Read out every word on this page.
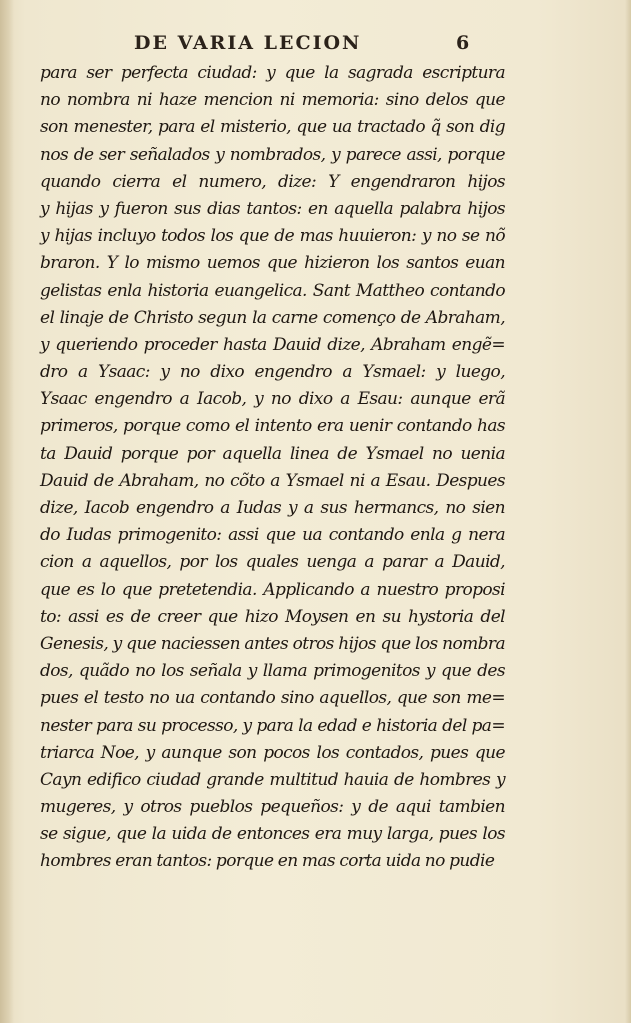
DE VARIA LECION	6
para ser perfecta ciudad: y que la sagrada escriptura
no nombra ni haze mencion ni memoria: sino delos que
son menester, para el misterio, que ua tractado q̃ son dig
nos de ser señalados y nombrados, y parece assi, porque
quando cierra el numero, dize: Y engendraron hijos
y hijas y fueron sus dias tantos: en aquella palabra hijos
y hijas incluyo todos los que de mas huuieron: y no se nõ
braron. Y lo mismo uemos que hizieron los santos euan
gelistas enla historia euangelica. Sant Mattheo contando
el linaje de Christo segun la carne començo de Abraham,
y queriendo proceder hasta Dauid dize, Abraham engẽ=
dro a Ysaac: y no dixo engendro a Ysmael: y luego,
Ysaac engendro a Iacob, y no dixo a Esau: aunque erã
primeros, porque como el intento era uenir contando has
ta Dauid porque por aquella linea de Ysmael no uenia
Dauid de Abraham, no cõto a Ysmael ni a Esau. Despues
dize, Iacob engendro a Iudas y a sus hermancs, no sien
do Iudas primogenito: assi que ua contando enla g nera
cion a aquellos, por los quales uenga a parar a Dauid,
que es lo que pretetendia. Applicando a nuestro proposi
to: assi es de creer que hizo Moysen en su hystoria del
Genesis, y que naciessen antes otros hijos que los nombra
dos, quãdo no los señala y llama primogenitos y que des
pues el testo no ua contando sino aquellos, que son me=
nester para su processo, y para la edad e historia del pa=
triarca Noe, y aunque son pocos los contados, pues que
Cayn edifico ciudad grande multitud hauia de hombres y
mugeres, y otros pueblos pequeños: y de aqui tambien
se sigue, que la uida de entonces era muy larga, pues los
hombres eran tantos: porque en mas corta uida no pudie
